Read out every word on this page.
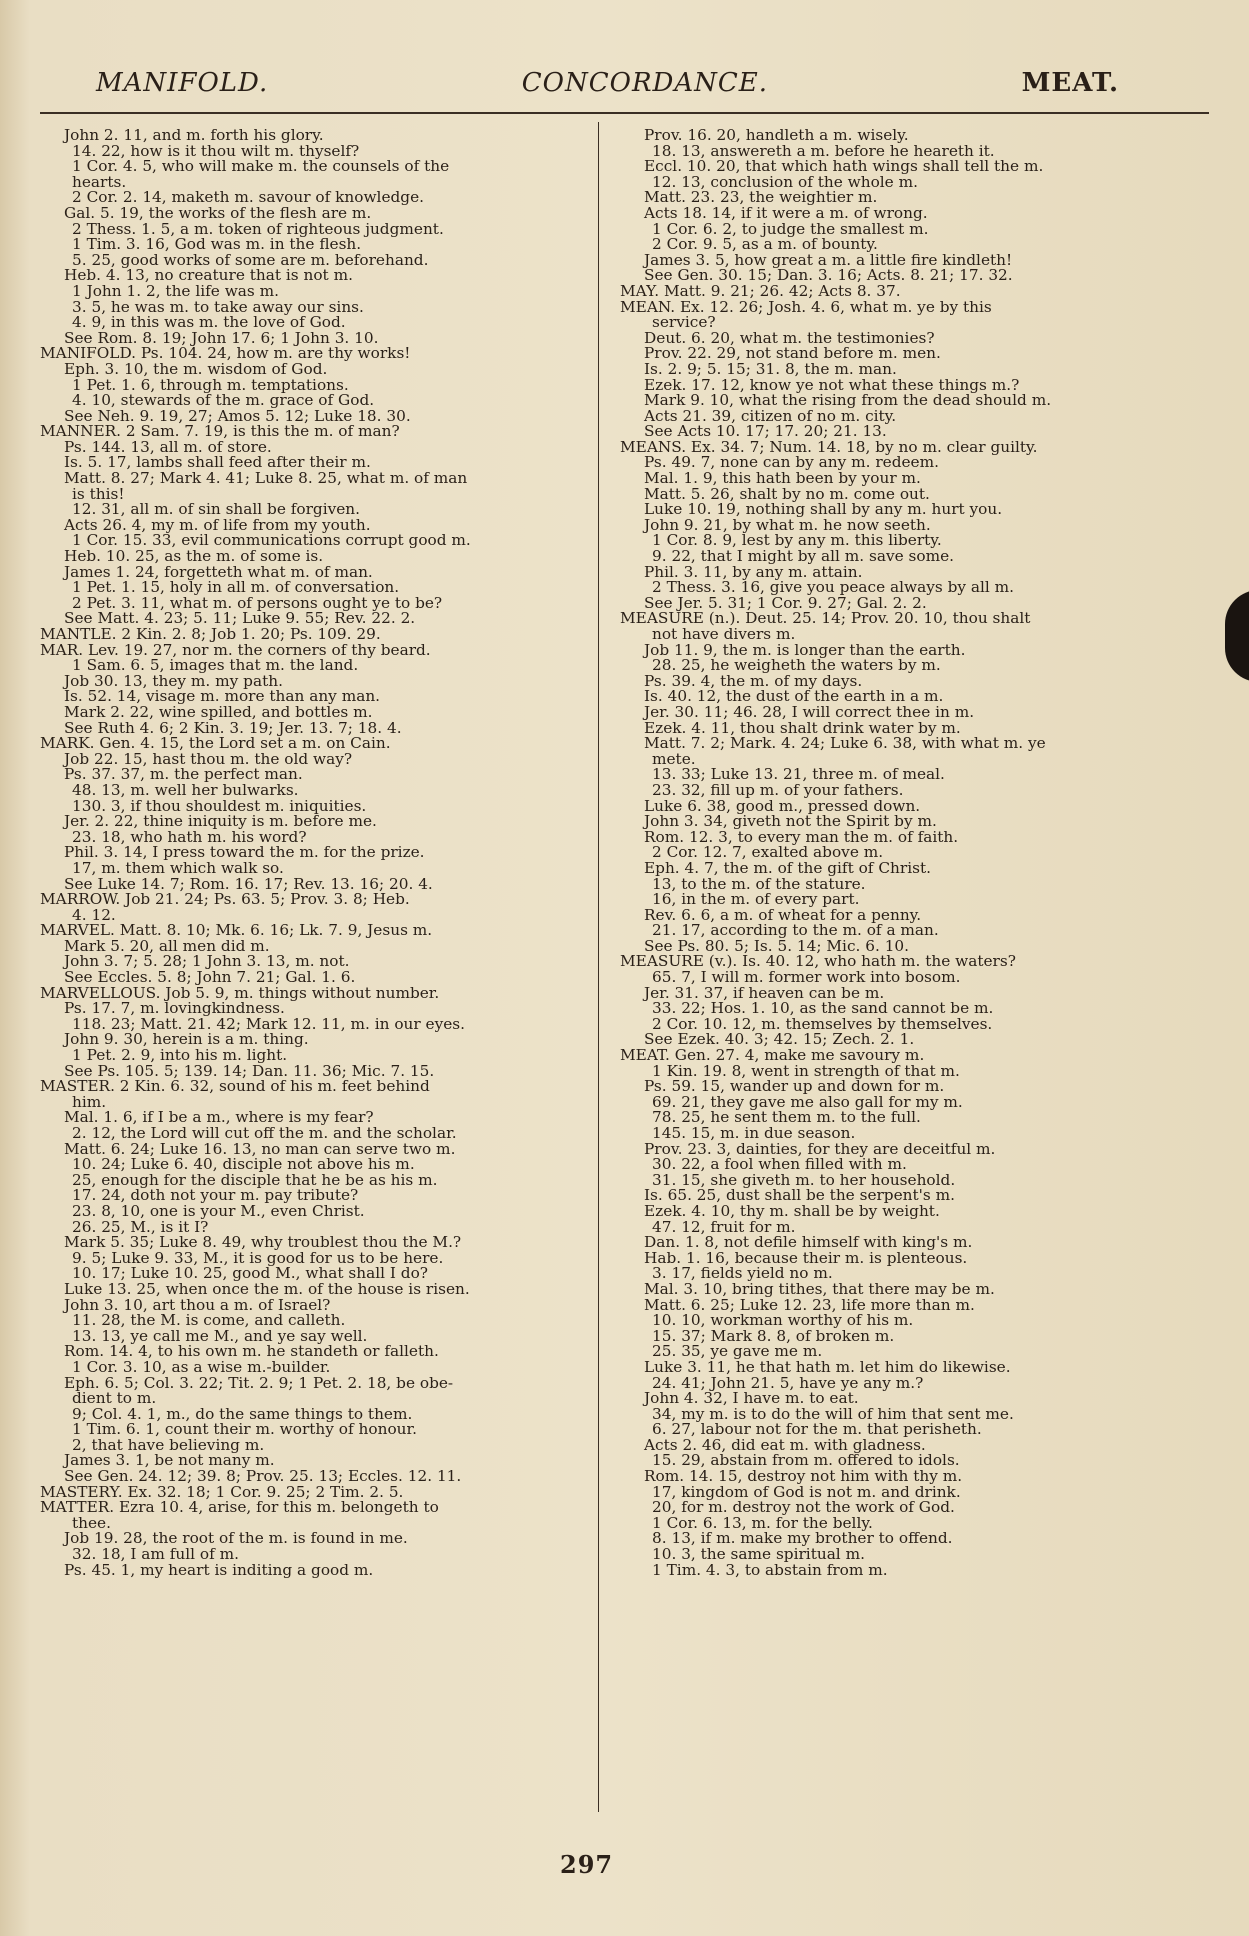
MANIFOLD.	CONCORDANCE.	MEAT.
John 2. 11, and m. forth his glory.
14. 22, how is it thou wilt m. thyself?
1 Cor. 4. 5, who will make m. the counsels of the
hearts.
2 Cor. 2. 14, maketh m. savour of knowledge.
Gal. 5. 19, the works of the flesh are m.
2 Thess. 1. 5, a m. token of righteous judgment.
1 Tim. 3. 16, God was m. in the flesh.
5. 25, good works of some are m. beforehand.
Heb. 4. 13, no creature that is not m.
1 John 1. 2, the life was m.
3. 5, he was m. to take away our sins.
4. 9, in this was m. the love of God.
See Rom. 8. 19; John 17. 6; 1 John 3. 10.
MANIFOLD. Ps. 104. 24, how m. are thy works!
Eph. 3. 10, the m. wisdom of God.
1 Pet. 1. 6, through m. temptations.
4. 10, stewards of the m. grace of God.
See Neh. 9. 19, 27; Amos 5. 12; Luke 18. 30.
MANNER. 2 Sam. 7. 19, is this the m. of man?
Ps. 144. 13, all m. of store.
Is. 5. 17, lambs shall feed after their m.
Matt. 8. 27; Mark 4. 41; Luke 8. 25, what m. of man
is this!
12. 31, all m. of sin shall be forgiven.
Acts 26. 4, my m. of life from my youth.
1 Cor. 15. 33, evil communications corrupt good m.
Heb. 10. 25, as the m. of some is.
James 1. 24, forgetteth what m. of man.
1 Pet. 1. 15, holy in all m. of conversation.
2 Pet. 3. 11, what m. of persons ought ye to be?
See Matt. 4. 23; 5. 11; Luke 9. 55; Rev. 22. 2.
MANTLE. 2 Kin. 2. 8; Job 1. 20; Ps. 109. 29.
MAR. Lev. 19. 27, nor m. the corners of thy beard.
1 Sam. 6. 5, images that m. the land.
Job 30. 13, they m. my path.
Is. 52. 14, visage m. more than any man.
Mark 2. 22, wine spilled, and bottles m.
See Ruth 4. 6; 2 Kin. 3. 19; Jer. 13. 7; 18. 4.
MARK. Gen. 4. 15, the Lord set a m. on Cain.
Job 22. 15, hast thou m. the old way?
Ps. 37. 37, m. the perfect man.
48. 13, m. well her bulwarks.
130. 3, if thou shouldest m. iniquities.
Jer. 2. 22, thine iniquity is m. before me.
23. 18, who hath m. his word?
Phil. 3. 14, I press toward the m. for the prize.
17, m. them which walk so.
See Luke 14. 7; Rom. 16. 17; Rev. 13. 16; 20. 4.
MARROW. Job 21. 24; Ps. 63. 5; Prov. 3. 8; Heb.
4. 12.
MARVEL. Matt. 8. 10; Mk. 6. 16; Lk. 7. 9, Jesus m.
Mark 5. 20, all men did m.
John 3. 7; 5. 28; 1 John 3. 13, m. not.
See Eccles. 5. 8; John 7. 21; Gal. 1. 6.
MARVELLOUS. Job 5. 9, m. things without number.
Ps. 17. 7, m. lovingkindness.
118. 23; Matt. 21. 42; Mark 12. 11, m. in our eyes.
John 9. 30, herein is a m. thing.
1 Pet. 2. 9, into his m. light.
See Ps. 105. 5; 139. 14; Dan. 11. 36; Mic. 7. 15.
MASTER. 2 Kin. 6. 32, sound of his m. feet behind
him.
Mal. 1. 6, if I be a m., where is my fear?
2. 12, the Lord will cut off the m. and the scholar.
Matt. 6. 24; Luke 16. 13, no man can serve two m.
10. 24; Luke 6. 40, disciple not above his m.
25, enough for the disciple that he be as his m.
17. 24, doth not your m. pay tribute?
23. 8, 10, one is your M., even Christ.
26. 25, M., is it I?
Mark 5. 35; Luke 8. 49, why troublest thou the M.?
9. 5; Luke 9. 33, M., it is good for us to be here.
10. 17; Luke 10. 25, good M., what shall I do?
Luke 13. 25, when once the m. of the house is risen.
John 3. 10, art thou a m. of Israel?
11. 28, the M. is come, and calleth.
13. 13, ye call me M., and ye say well.
Rom. 14. 4, to his own m. he standeth or falleth.
1 Cor. 3. 10, as a wise m.-builder.
Eph. 6. 5; Col. 3. 22; Tit. 2. 9; 1 Pet. 2. 18, be obe-
dient to m.
9; Col. 4. 1, m., do the same things to them.
1 Tim. 6. 1, count their m. worthy of honour.
2, that have believing m.
James 3. 1, be not many m.
See Gen. 24. 12; 39. 8; Prov. 25. 13; Eccles. 12. 11.
MASTERY. Ex. 32. 18; 1 Cor. 9. 25; 2 Tim. 2. 5.
MATTER. Ezra 10. 4, arise, for this m. belongeth to
thee.
Job 19. 28, the root of the m. is found in me.
32. 18, I am full of m.
Ps. 45. 1, my heart is inditing a good m.
Prov. 16. 20, handleth a m. wisely.
18. 13, answereth a m. before he heareth it.
Eccl. 10. 20, that which hath wings shall tell the m.
12. 13, conclusion of the whole m.
Matt. 23. 23, the weightier m.
Acts 18. 14, if it were a m. of wrong.
1 Cor. 6. 2, to judge the smallest m.
2 Cor. 9. 5, as a m. of bounty.
James 3. 5, how great a m. a little fire kindleth!
See Gen. 30. 15; Dan. 3. 16; Acts. 8. 21; 17. 32.
MAY. Matt. 9. 21; 26. 42; Acts 8. 37.
MEAN. Ex. 12. 26; Josh. 4. 6, what m. ye by this
service?
Deut. 6. 20, what m. the testimonies?
Prov. 22. 29, not stand before m. men.
Is. 2. 9; 5. 15; 31. 8, the m. man.
Ezek. 17. 12, know ye not what these things m.?
Mark 9. 10, what the rising from the dead should m.
Acts 21. 39, citizen of no m. city.
See Acts 10. 17; 17. 20; 21. 13.
MEANS. Ex. 34. 7; Num. 14. 18, by no m. clear guilty.
Ps. 49. 7, none can by any m. redeem.
Mal. 1. 9, this hath been by your m.
Matt. 5. 26, shalt by no m. come out.
Luke 10. 19, nothing shall by any m. hurt you.
John 9. 21, by what m. he now seeth.
1 Cor. 8. 9, lest by any m. this liberty.
9. 22, that I might by all m. save some.
Phil. 3. 11, by any m. attain.
2 Thess. 3. 16, give you peace always by all m.
See Jer. 5. 31; 1 Cor. 9. 27; Gal. 2. 2.
MEASURE (n.). Deut. 25. 14; Prov. 20. 10, thou shalt
not have divers m.
Job 11. 9, the m. is longer than the earth.
28. 25, he weigheth the waters by m.
Ps. 39. 4, the m. of my days.
Is. 40. 12, the dust of the earth in a m.
Jer. 30. 11; 46. 28, I will correct thee in m.
Ezek. 4. 11, thou shalt drink water by m.
Matt. 7. 2; Mark. 4. 24; Luke 6. 38, with what m. ye
mete.
13. 33; Luke 13. 21, three m. of meal.
23. 32, fill up m. of your fathers.
Luke 6. 38, good m., pressed down.
John 3. 34, giveth not the Spirit by m.
Rom. 12. 3, to every man the m. of faith.
2 Cor. 12. 7, exalted above m.
Eph. 4. 7, the m. of the gift of Christ.
13, to the m. of the stature.
16, in the m. of every part.
Rev. 6. 6, a m. of wheat for a penny.
21. 17, according to the m. of a man.
See Ps. 80. 5; Is. 5. 14; Mic. 6. 10.
MEASURE (v.). Is. 40. 12, who hath m. the waters?
65. 7, I will m. former work into bosom.
Jer. 31. 37, if heaven can be m.
33. 22; Hos. 1. 10, as the sand cannot be m.
2 Cor. 10. 12, m. themselves by themselves.
See Ezek. 40. 3; 42. 15; Zech. 2. 1.
MEAT. Gen. 27. 4, make me savoury m.
1 Kin. 19. 8, went in strength of that m.
Ps. 59. 15, wander up and down for m.
69. 21, they gave me also gall for my m.
78. 25, he sent them m. to the full.
145. 15, m. in due season.
Prov. 23. 3, dainties, for they are deceitful m.
30. 22, a fool when filled with m.
31. 15, she giveth m. to her household.
Is. 65. 25, dust shall be the serpent's m.
Ezek. 4. 10, thy m. shall be by weight.
47. 12, fruit for m.
Dan. 1. 8, not defile himself with king's m.
Hab. 1. 16, because their m. is plenteous.
3. 17, fields yield no m.
Mal. 3. 10, bring tithes, that there may be m.
Matt. 6. 25; Luke 12. 23, life more than m.
10. 10, workman worthy of his m.
15. 37; Mark 8. 8, of broken m.
25. 35, ye gave me m.
Luke 3. 11, he that hath m. let him do likewise.
24. 41; John 21. 5, have ye any m.?
John 4. 32, I have m. to eat.
34, my m. is to do the will of him that sent me.
6. 27, labour not for the m. that perisheth.
Acts 2. 46, did eat m. with gladness.
15. 29, abstain from m. offered to idols.
Rom. 14. 15, destroy not him with thy m.
17, kingdom of God is not m. and drink.
20, for m. destroy not the work of God.
1 Cor. 6. 13, m. for the belly.
8. 13, if m. make my brother to offend.
10. 3, the same spiritual m.
1 Tim. 4. 3, to abstain from m.
297
